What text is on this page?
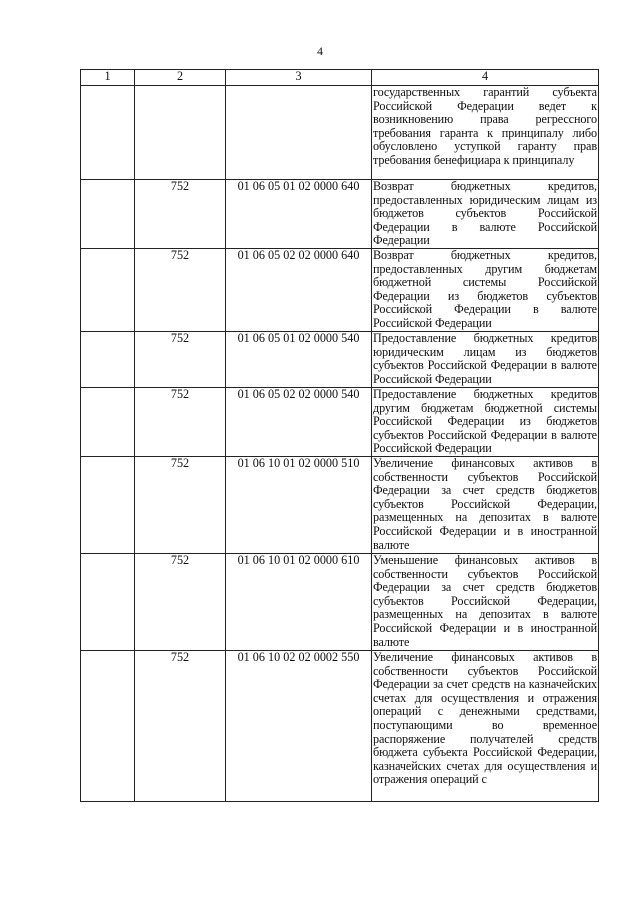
4
1	2	3	4
			государственных гарантий субъекта Российской Федерации ведет к возникновению права регрессного требования гаранта к принципалу либо обусловлено уступкой гаранту прав требования бенефициара к принципалу
	752	01 06 05 01 02 0000 640	Возврат бюджетных кредитов, предоставленных юридическим лицам из бюджетов субъектов Российской Федерации в валюте Российской Федерации
	752	01 06 05 02 02 0000 640	Возврат бюджетных кредитов, предоставленных другим бюджетам бюджетной системы Российской Федерации из бюджетов субъектов Российской Федерации в валюте Российской Федерации
	752	01 06 05 01 02 0000 540	Предоставление бюджетных кредитов юридическим лицам из бюджетов субъектов Российской Федерации в валюте Российской Федерации
	752	01 06 05 02 02 0000 540	Предоставление бюджетных кредитов другим бюджетам бюджетной системы Российской Федерации из бюджетов субъектов Российской Федерации в валюте Российской Федерации
	752	01 06 10 01 02 0000 510	Увеличение финансовых активов в собственности субъектов Российской Федерации за счет средств бюджетов субъектов Российской Федерации, размещенных на депозитах в валюте Российской Федерации и в иностранной валюте
	752	01 06 10 01 02 0000 610	Уменьшение финансовых активов в собственности субъектов Российской Федерации за счет средств бюджетов субъектов Российской Федерации, размещенных на депозитах в валюте Российской Федерации и в иностранной валюте
	752	01 06 10 02 02 0002 550	Увеличение финансовых активов в собственности субъектов Российской Федерации за счет средств на казначейских счетах для осуществления и отражения операций с денежными средствами, поступающими во временное распоряжение получателей средств бюджета субъекта Российской Федерации, казначейских счетах для осуществления и отражения операций с
